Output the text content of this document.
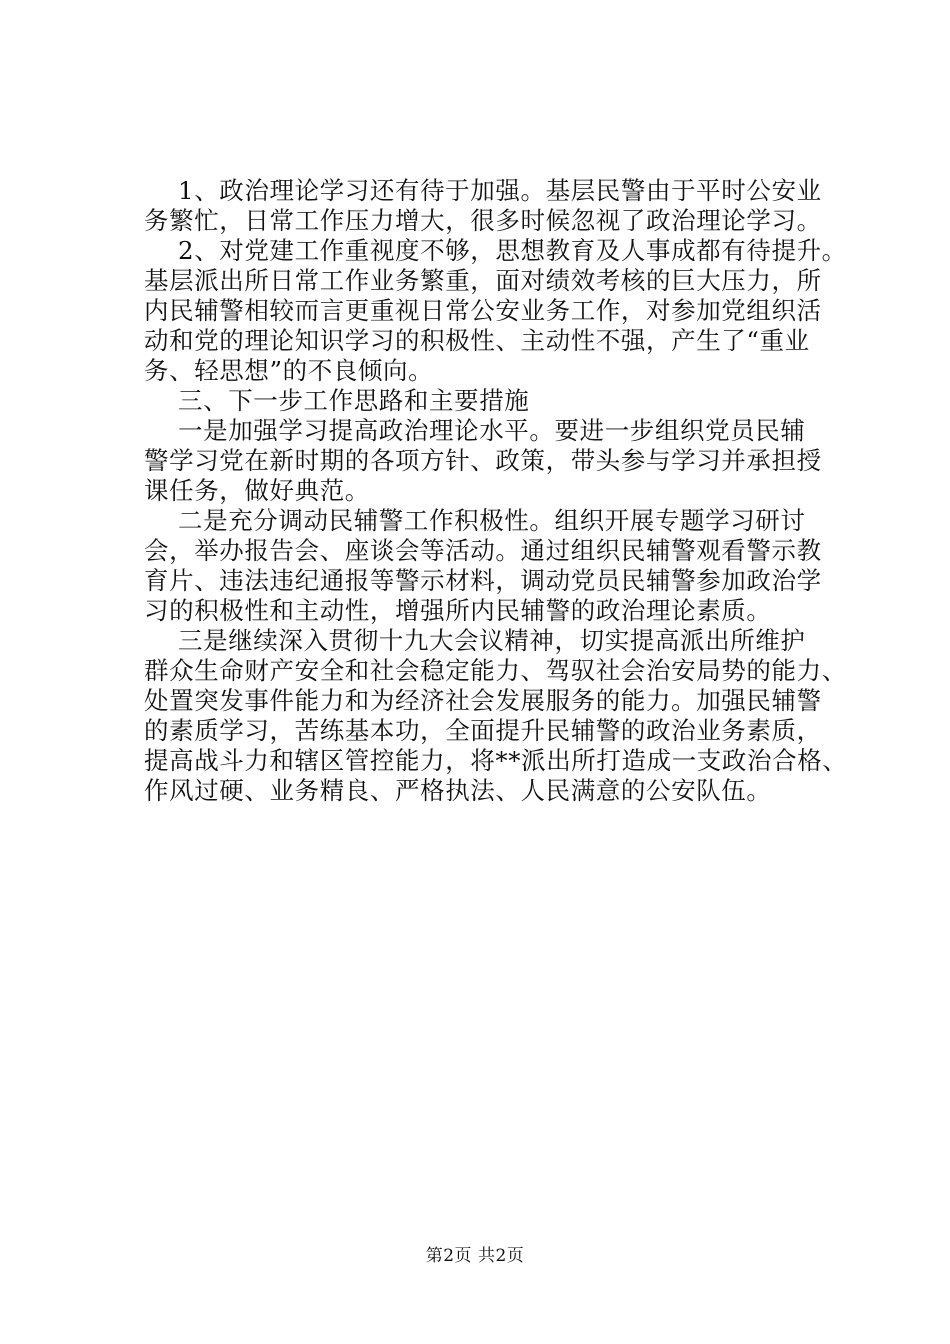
1、政治理论学习还有待于加强。基层民警由于平时公安业
务繁忙，日常工作压力增大，很多时候忽视了政治理论学习。
2、对党建工作重视度不够，思想教育及人事成都有待提升。
基层派出所日常工作业务繁重，面对绩效考核的巨大压力，所
内民辅警相较而言更重视日常公安业务工作，对参加党组织活
动和党的理论知识学习的积极性、主动性不强，产生了“重业
务、轻思想”的不良倾向。
三、下一步工作思路和主要措施
一是加强学习提高政治理论水平。要进一步组织党员民辅
警学习党在新时期的各项方针、政策，带头参与学习并承担授
课任务，做好典范。
二是充分调动民辅警工作积极性。组织开展专题学习研讨
会，举办报告会、座谈会等活动。通过组织民辅警观看警示教
育片、违法违纪通报等警示材料，调动党员民辅警参加政治学
习的积极性和主动性，增强所内民辅警的政治理论素质。
三是继续深入贯彻十九大会议精神，切实提高派出所维护
群众生命财产安全和社会稳定能力、驾驭社会治安局势的能力、
处置突发事件能力和为经济社会发展服务的能力。加强民辅警
的素质学习，苦练基本功，全面提升民辅警的政治业务素质，
提高战斗力和辖区管控能力，将**派出所打造成一支政治合格、
作风过硬、业务精良、严格执法、人民满意的公安队伍。
第2页 共2页
